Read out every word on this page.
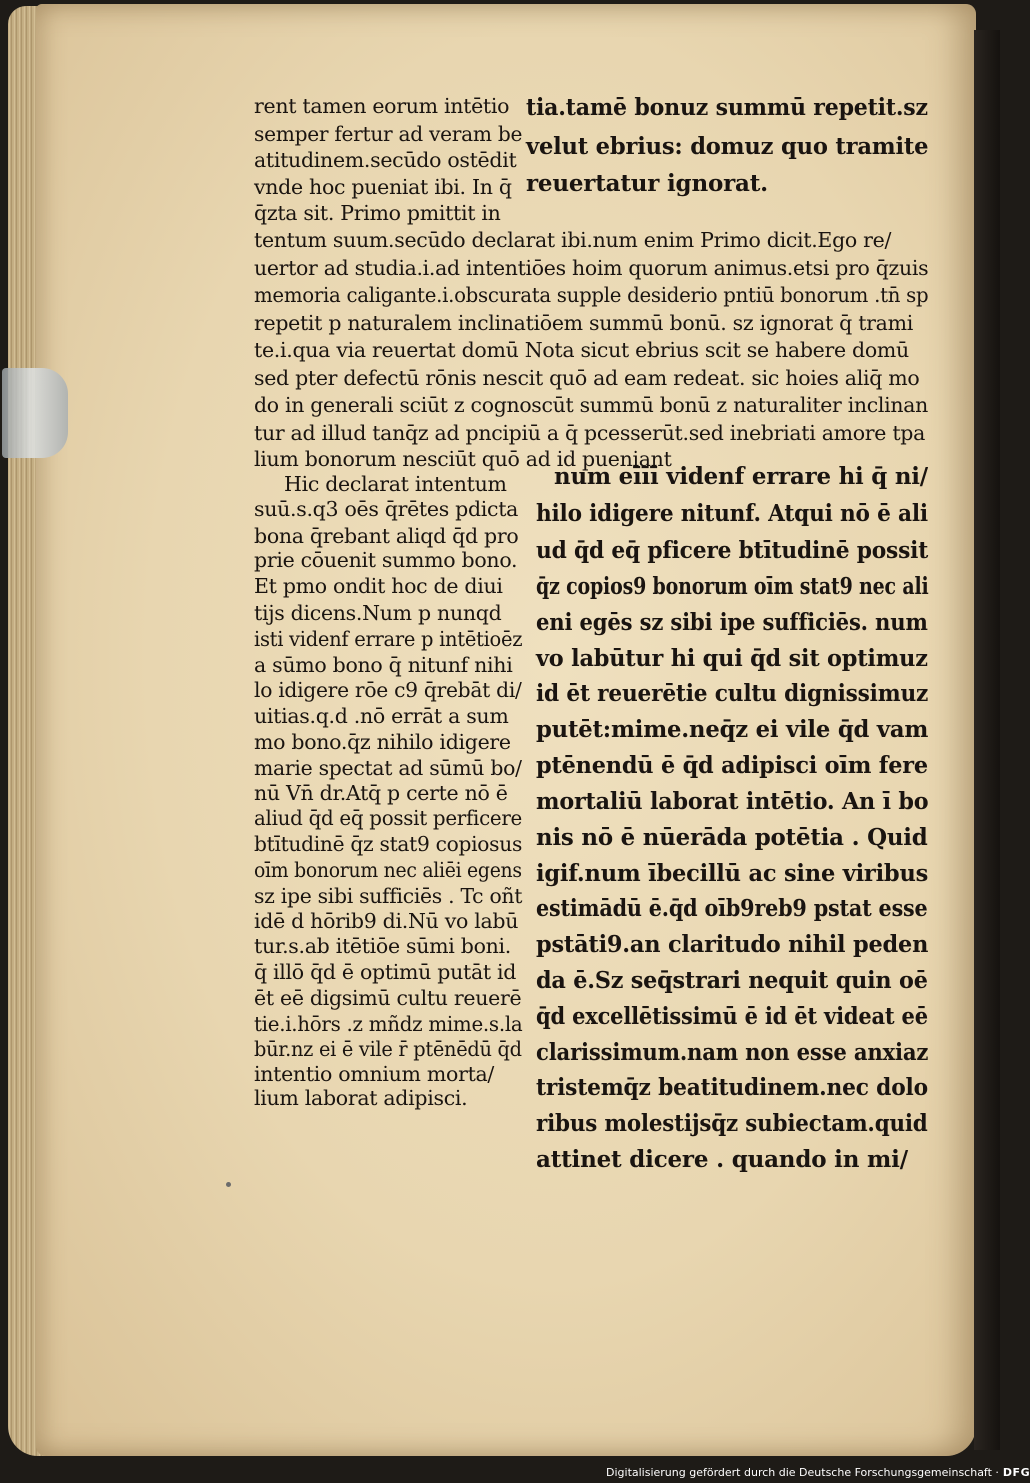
rent tamen eorum intētio
semper fertur ad veram be
atitudinem.secūdo ostēdit
vnde hoc pueniat ibi. In q̄
q̄zta sit. Primo pmittit in
tentum suum.secūdo declarat ibi.num enim Primo dicit.Ego re/
uertor ad studia.i.ad intentiōes hoim quorum animus.etsi pro q̄zuis
memoria caligante.i.obscurata supple desiderio pntiū bonorum .tn̄ sp
repetit p naturalem inclinatiōem summū bonū. sz ignorat q̄ trami
te.i.qua via reuertat domū Nota sicut ebrius scit se habere domū
sed pter defectū rōnis nescit quō ad eam redeat. sic hoies aliq̄ mo
do in generali sciūt z cognoscūt summū bonū z naturaliter inclinan
tur ad illud tanq̄z ad pncipiū a q̄ pcesserūt.sed inebriati amore tpa
lium bonorum nesciūt quō ad id pueniant
Hic declarat intentum
suū.s.q3 oēs q̄rētes pdicta
bona q̄rebant aliqd q̄d pro
prie cōuenit summo bono.
Et pmo ondit hoc de diui
tijs dicens.Num p nunqd
isti videnf errare p intētioēz
a sūmo bono q̄ nitunf nihi
lo idigere rōe c9 q̄rebāt di/
uitias.q.d .nō errāt a sum
mo bono.q̄z nihilo idigere
marie spectat ad sūmū bo/
nū Vn̄ dr.Atq̄ p certe nō ē
aliud q̄d eq̄ possit perficere
btītudinē q̄z stat9 copiosus
oīm bonorum nec aliēi egens
sz ipe sibi sufficiēs . Tc oñt
idē d hōrib9 di.Nū vo labū
tur.s.ab itētiōe sūmi boni.
q̄ illō q̄d ē optimū putāt id
ēt eē digsimū cultu reuerē
tie.i.hōrs .z mñdz mime.s.la
būr.nz ei ē vile r̄ ptēnēdū q̄d
intentio omnium morta/
lium laborat adipisci.
tia.tamē bonuz summū repetit.sz
velut ebrius: domuz quo tramite
reuertatur ignorat.
num eīīī videnf errare hi q̄ ni/
hilo idigere nitunf. Atqui nō ē ali
ud q̄d eq̄ pficere btītudinē possit
q̄z copios9 bonorum oīm stat9 nec ali
eni egēs sz sibi ipe sufficiēs. num
vo labūtur hi qui q̄d sit optimuz
id ēt reuerētie cultu dignissimuz
putēt:mime.neq̄z ei vile q̄d vam
ptēnendū ē q̄d adipisci oīm fere
mortaliū laborat intētio. An ī bo
nis nō ē nūerāda potētia . Quid
igif.num ībecillū ac sine viribus
estimādū ē.q̄d oīb9reb9 pstat esse
pstāti9.an claritudo nihil peden
da ē.Sz seq̄strari nequit quin oē
q̄d excellētissimū ē id ēt videat eē
clarissimum.nam non esse anxiaz
tristemq̄z beatitudinem.nec dolo
ribus molestijsq̄z subiectam.quid
attinet dicere . quando in mi/
Digitalisierung gefördert durch die Deutsche Forschungsgemeinschaft · DFG
